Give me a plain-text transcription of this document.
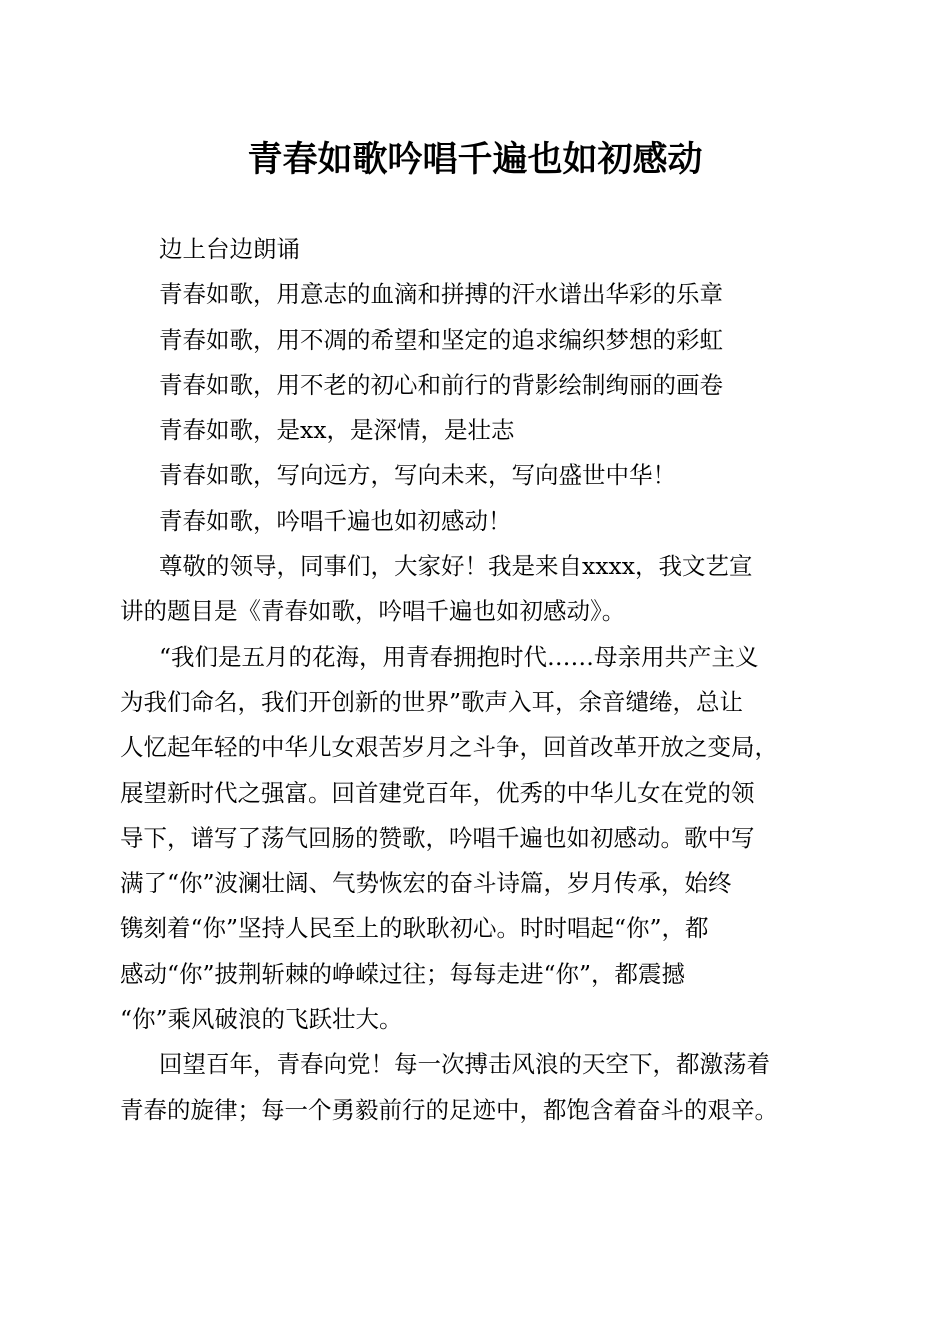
青春如歌吟唱千遍也如初感动
边上台边朗诵
青春如歌，用意志的血滴和拼搏的汗水谱出华彩的乐章
青春如歌，用不凋的希望和坚定的追求编织梦想的彩虹
青春如歌，用不老的初心和前行的背影绘制绚丽的画卷
青春如歌，是xx，是深情，是壮志
青春如歌，写向远方，写向未来，写向盛世中华！
青春如歌，吟唱千遍也如初感动！
尊敬的领导，同事们，大家好！我是来自xxxx，我文艺宣
讲的题目是《青春如歌，吟唱千遍也如初感动》。
“我们是五月的花海，用青春拥抱时代……母亲用共产主义
为我们命名，我们开创新的世界”歌声入耳，余音缱绻，总让
人忆起年轻的中华儿女艰苦岁月之斗争，回首改革开放之变局，
展望新时代之强富。回首建党百年，优秀的中华儿女在党的领
导下，谱写了荡气回肠的赞歌，吟唱千遍也如初感动。歌中写
满了“你”波澜壮阔、气势恢宏的奋斗诗篇，岁月传承，始终
镌刻着“你”坚持人民至上的耿耿初心。时时唱起“你”，都
感动“你”披荆斩棘的峥嵘过往；每每走进“你”，都震撼
“你”乘风破浪的飞跃壮大。
回望百年，青春向党！每一次搏击风浪的天空下，都激荡着
青春的旋律；每一个勇毅前行的足迹中，都饱含着奋斗的艰辛。
